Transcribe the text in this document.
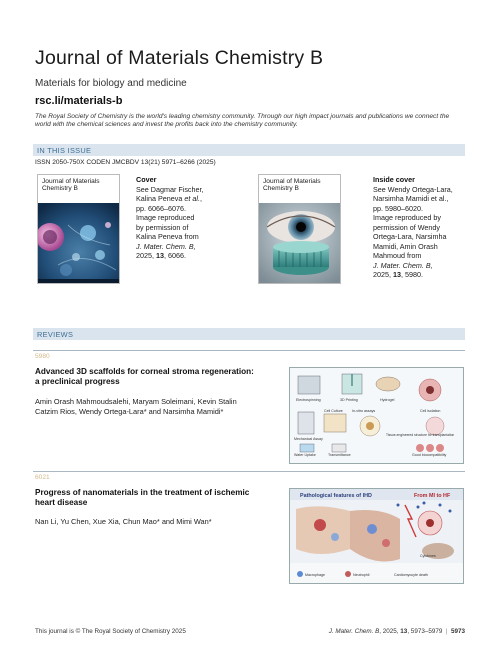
Journal of Materials Chemistry B
Materials for biology and medicine
rsc.li/materials-b
The Royal Society of Chemistry is the world's leading chemistry community. Through our high impact journals and publications we connect the world with the chemical sciences and invest the profits back into the chemistry community.
IN THIS ISSUE
ISSN 2050-750X CODEN JMCBDV 13(21) 5971–6266 (2025)
Journal of Materials Chemistry B
Cover
See Dagmar Fischer,
Kalina Peneva et al.,
pp. 6066–6076.
Image reproduced
by permission of
Kalina Peneva from
J. Mater. Chem. B,
2025, 13, 6066.
Journal of Materials Chemistry B
Inside cover
See Wendy Ortega-Lara,
Narsimha Mamidi et al.,
pp. 5980–6020.
Image reproduced by
permission of Wendy
Ortega-Lara, Narsimha
Mamidi, Amin Orash
Mahmoud from
J. Mater. Chem. B,
2025, 13, 5980.
REVIEWS
5980
Advanced 3D scaffolds for corneal stroma regeneration: a preclinical progress
Amin Orash Mahmoudsalehi, Maryam Soleimani, Kevin Stalin Catzim Rios, Wendy Ortega-Lara* and Narsimha Mamidi*
Electrospinning	3D Printing	Hydrogel
Mechanical Assay
Cell Culture
Water Uptake	Transmittance	Good biocompatibility
Cell isolation
In-vitro assays
Tissue-engineered structure for transplantation
6021
Progress of nanomaterials in the treatment of ischemic heart disease
Nan Li, Yu Chen, Xue Xia, Chun Mao* and Mimi Wan*
Pathological features of IHD	From MI to HF
Macrophage	Neutrophil	Cardiomyocyte death
Cytokines
This journal is © The Royal Society of Chemistry 2025	J. Mater. Chem. B, 2025, 13, 5973–5979 | 5973
